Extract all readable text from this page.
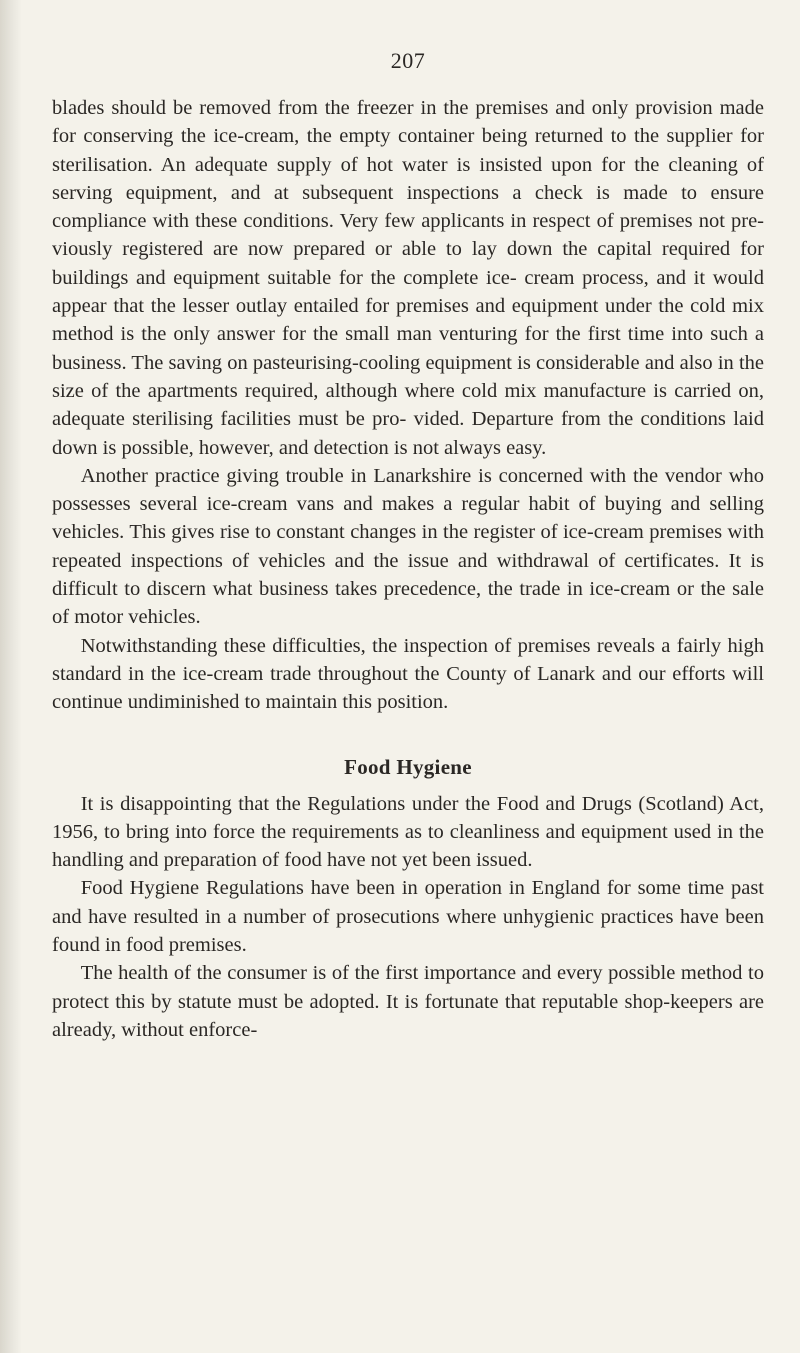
207

blades should be removed from the freezer in the premises and only provision made for conserving the ice-cream, the empty container being returned to the supplier for sterilisation. An adequate supply of hot water is insisted upon for the cleaning of serving equipment, and at subsequent inspections a check is made to ensure compliance with these conditions. Very few applicants in respect of premises not pre- viously registered are now prepared or able to lay down the capital required for buildings and equipment suitable for the complete ice- cream process, and it would appear that the lesser outlay entailed for premises and equipment under the cold mix method is the only answer for the small man venturing for the first time into such a business. The saving on pasteurising-cooling equipment is considerable and also in the size of the apartments required, although where cold mix manufacture is carried on, adequate sterilising facilities must be pro- vided. Departure from the conditions laid down is possible, however, and detection is not always easy.

Another practice giving trouble in Lanarkshire is concerned with the vendor who possesses several ice-cream vans and makes a regular habit of buying and selling vehicles. This gives rise to constant changes in the register of ice-cream premises with repeated inspections of vehicles and the issue and withdrawal of certificates. It is difficult to discern what business takes precedence, the trade in ice-cream or the sale of motor vehicles.

Notwithstanding these difficulties, the inspection of premises reveals a fairly high standard in the ice-cream trade throughout the County of Lanark and our efforts will continue undiminished to maintain this position.

Food Hygiene

It is disappointing that the Regulations under the Food and Drugs (Scotland) Act, 1956, to bring into force the requirements as to cleanliness and equipment used in the handling and preparation of food have not yet been issued.

Food Hygiene Regulations have been in operation in England for some time past and have resulted in a number of prosecutions where unhygienic practices have been found in food premises.

The health of the consumer is of the first importance and every possible method to protect this by statute must be adopted. It is fortunate that reputable shop-keepers are already, without enforce-
